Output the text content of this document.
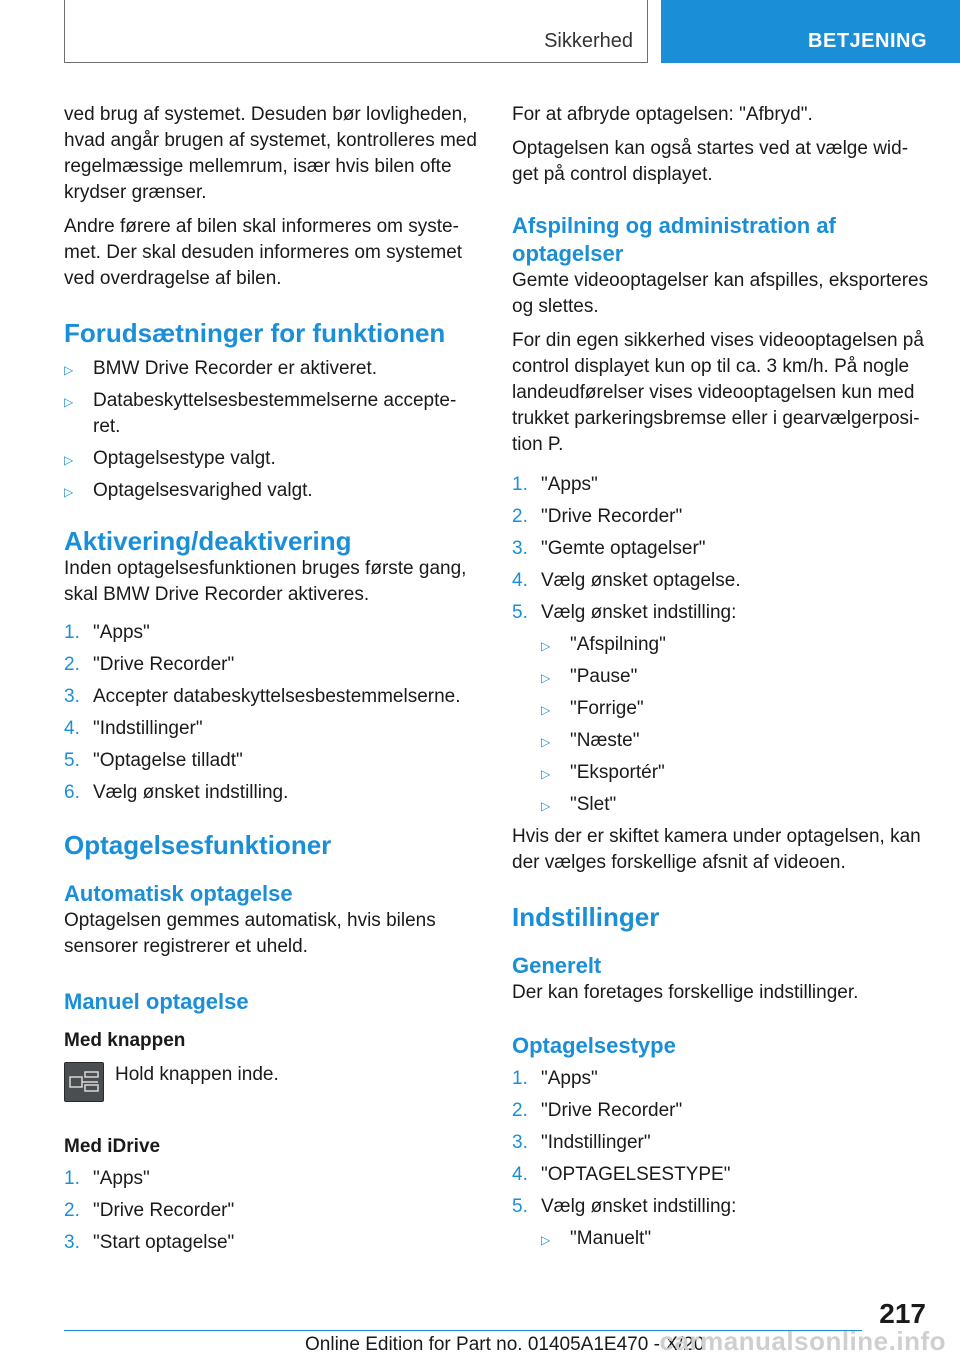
Sikkerhed	BETJENING

ved brug af systemet. Desuden bør lovligheden, hvad angår brugen af systemet, kontrolleres med regelmæssige mellemrum, især hvis bilen ofte krydser grænser.

Andre førere af bilen skal informeres om syste‐met. Der skal desuden informeres om systemet ved overdragelse af bilen.

Forudsætninger for funktionen
▷ BMW Drive Recorder er aktiveret.
▷ Databeskyttelsesbestemmelserne accepte‐ret.
▷ Optagelsestype valgt.
▷ Optagelsesvarighed valgt.
Aktivering/deaktivering

Inden optagelsesfunktionen bruges første gang, skal BMW Drive Recorder aktiveres.

1. "Apps"
2. "Drive Recorder"
3. Accepter databeskyttelsesbestemmelserne.
4. "Indstillinger"
5. "Optagelse tilladt"
6. Vælg ønsket indstilling.
Optagelsesfunktioner
Automatisk optagelse

Optagelsen gemmes automatisk, hvis bilens sensorer registrerer et uheld.

Manuel optagelse
Med knappen
Hold knappen inde.
Med iDrive
1. "Apps"
2. "Drive Recorder"
3. "Start optagelse"

For at afbryde optagelsen: "Afbryd".

Optagelsen kan også startes ved at vælge wid‐get på control displayet.

Afspilning og administration af optagelser

Gemte videooptagelser kan afspilles, eksporteres og slettes.

For din egen sikkerhed vises videooptagelsen på control displayet kun op til ca. 3 km/h. På nogle landeudførelser vises videooptagelsen kun med trukket parkeringsbremse eller i gearvælgerposi‐tion P.

1. "Apps"
2. "Drive Recorder"
3. "Gemte optagelser"
4. Vælg ønsket optagelse.
5. Vælg ønsket indstilling:
▷ "Afspilning"
▷ "Pause"
▷ "Forrige"
▷ "Næste"
▷ "Eksportér"
▷ "Slet"

Hvis der er skiftet kamera under optagelsen, kan der vælges forskellige afsnit af videoen.

Indstillinger
Generelt

Der kan foretages forskellige indstillinger.

Optagelsestype
1. "Apps"
2. "Drive Recorder"
3. "Indstillinger"
4. "OPTAGELSESTYPE"
5. Vælg ønsket indstilling:
▷ "Manuelt"
217
Online Edition for Part no. 01405A1E470 - X/20
carmanualsonline.info
